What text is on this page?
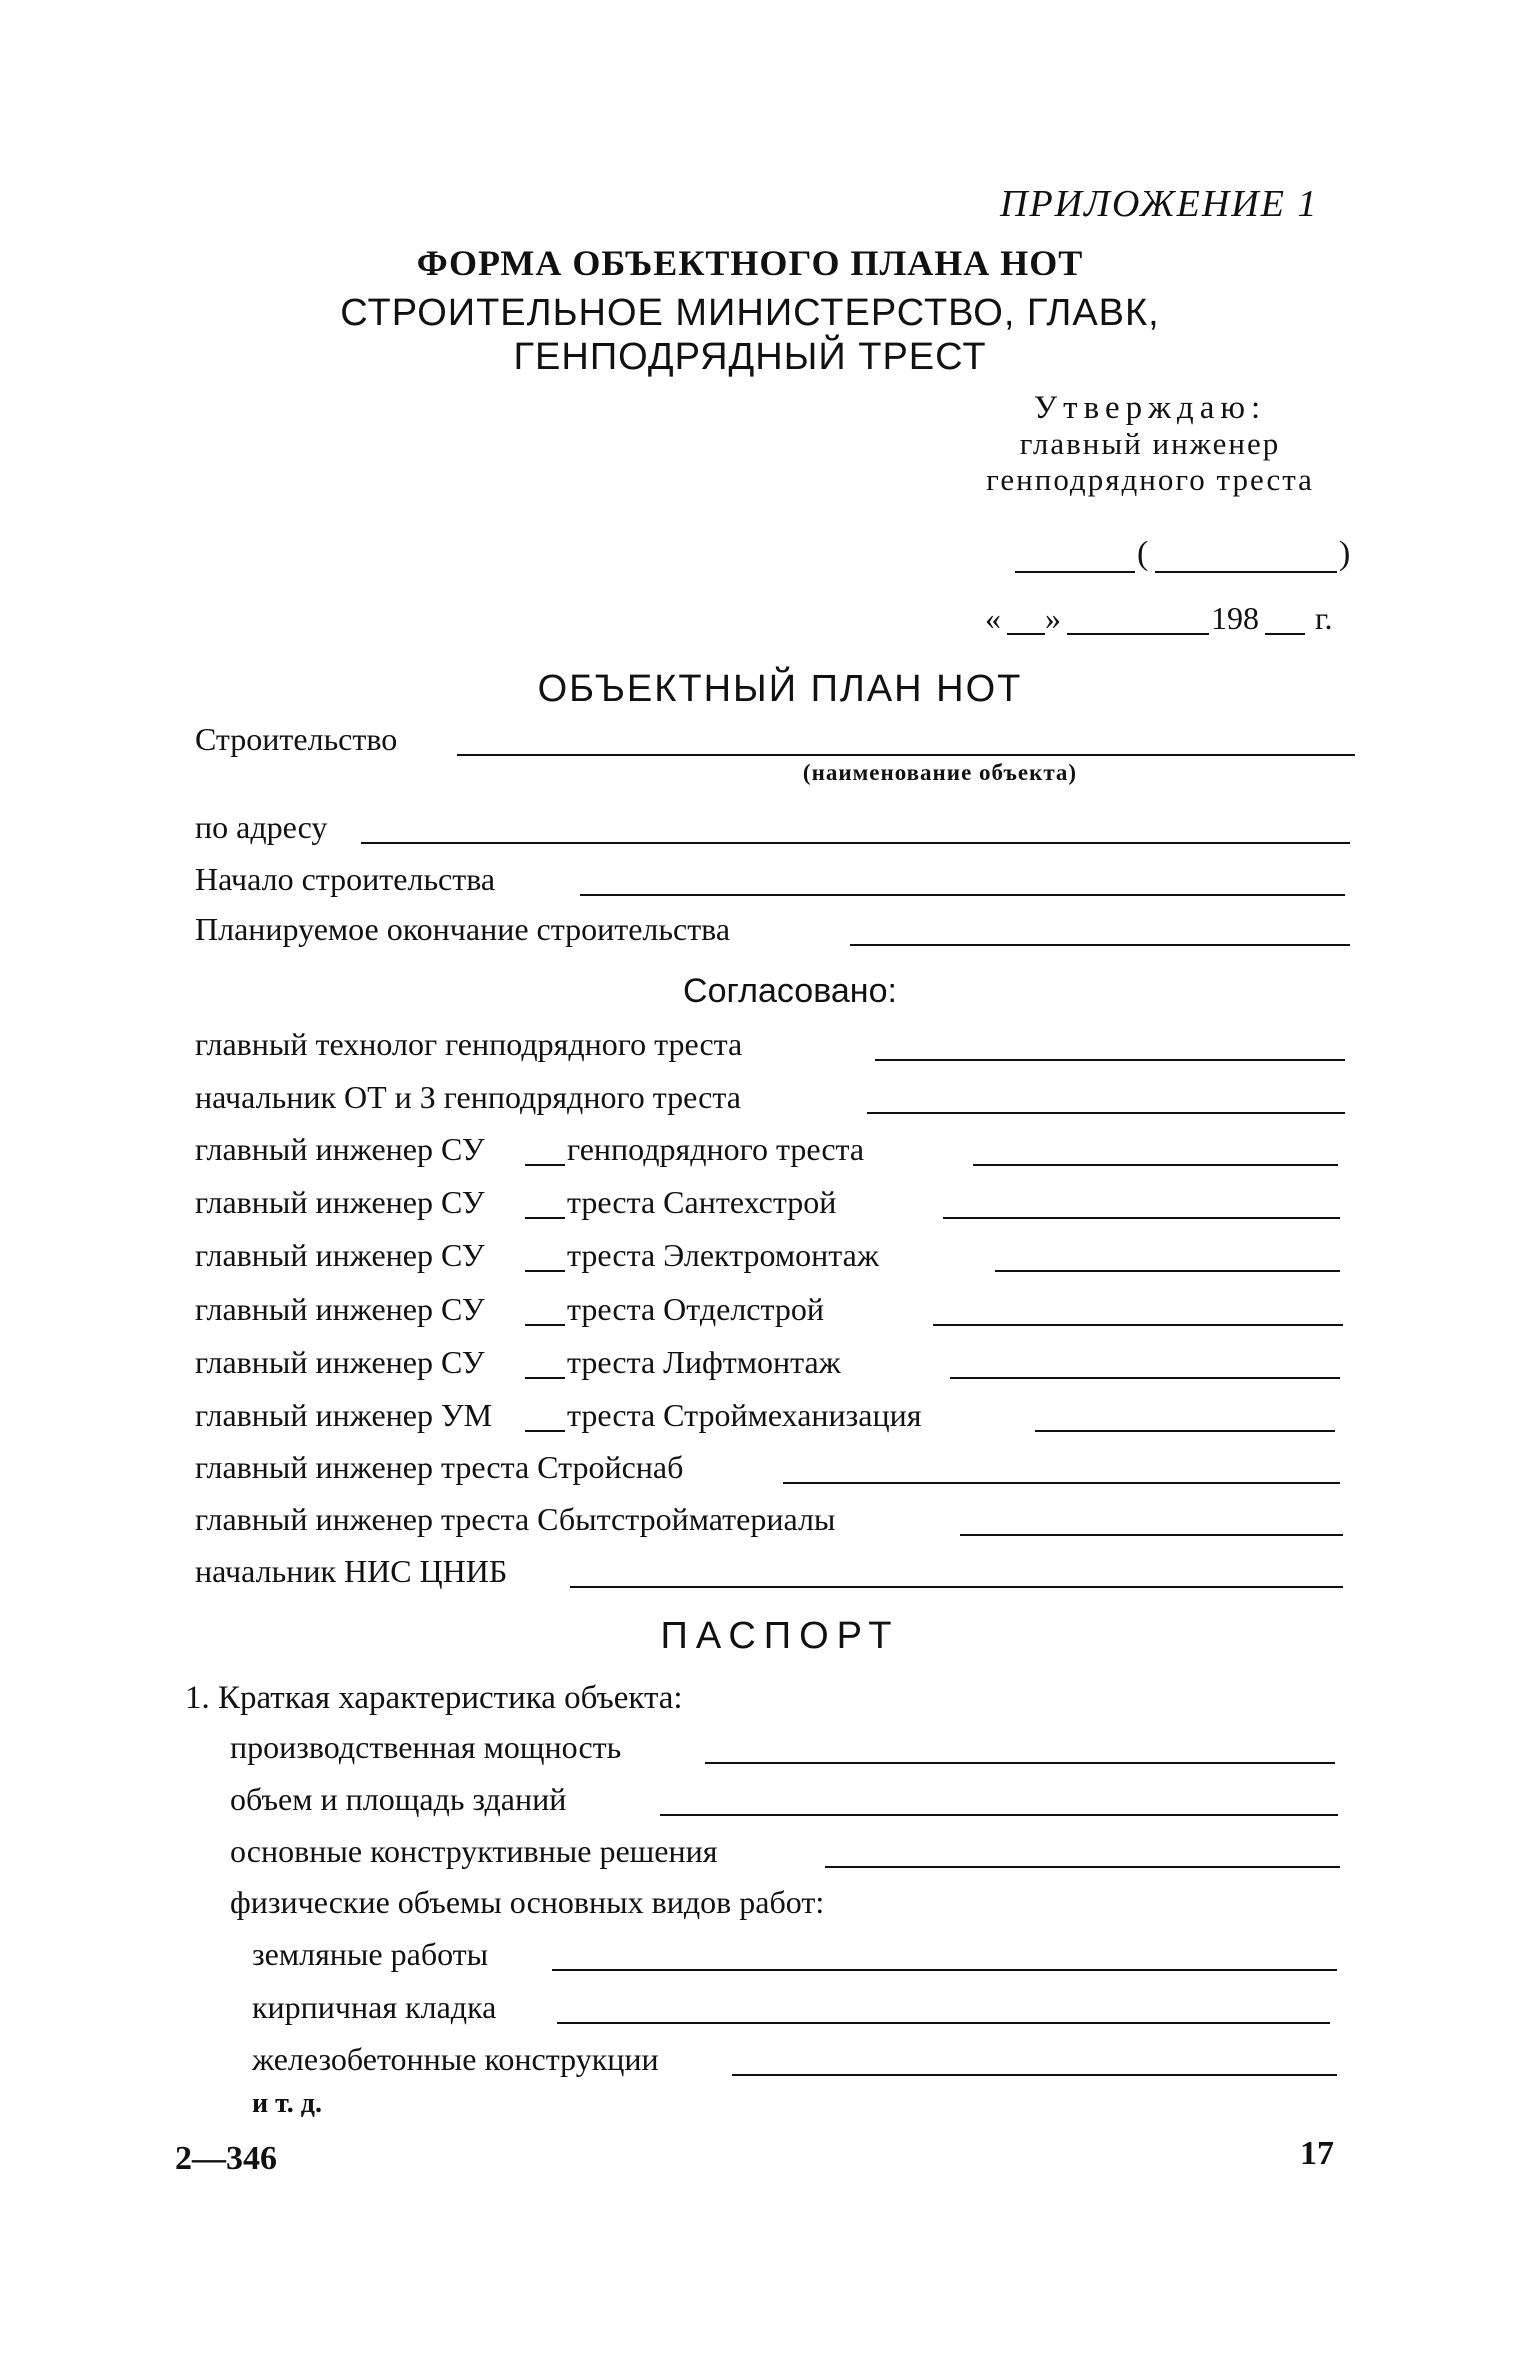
ПРИЛОЖЕНИЕ 1
ФОРМА ОБЪЕКТНОГО ПЛАНА НОТ
СТРОИТЕЛЬНОЕ МИНИСТЕРСТВО, ГЛАВК,
ГЕНПОДРЯДНЫЙ ТРЕСТ
Утверждаю:
главный инженер
генподрядного треста
(	)
« »	198 г.
ОБЪЕКТНЫЙ ПЛАН НОТ
Строительство
(наименование объекта)
по адресу
Начало строительства
Планируемое окончание строительства
Согласовано:
главный технолог генподрядного треста
начальник ОТ и З генподрядного треста
главный инженер СУ	генподрядного треста
главный инженер СУ	треста Сантехстрой
главный инженер СУ	треста Электромонтаж
главный инженер СУ	треста Отделстрой
главный инженер СУ	треста Лифтмонтаж
главный инженер УМ треста Строймеханизация
главный инженер треста Стройснаб
главный инженер треста Сбытстройматериалы
начальник НИС ЦНИБ
ПАСПОРТ
1. Краткая характеристика объекта:
производственная мощность
объем и площадь зданий
основные конструктивные решения
физические объемы основных видов работ:
земляные работы
кирпичная кладка
железобетонные конструкции
и т. д.
2—346	17
